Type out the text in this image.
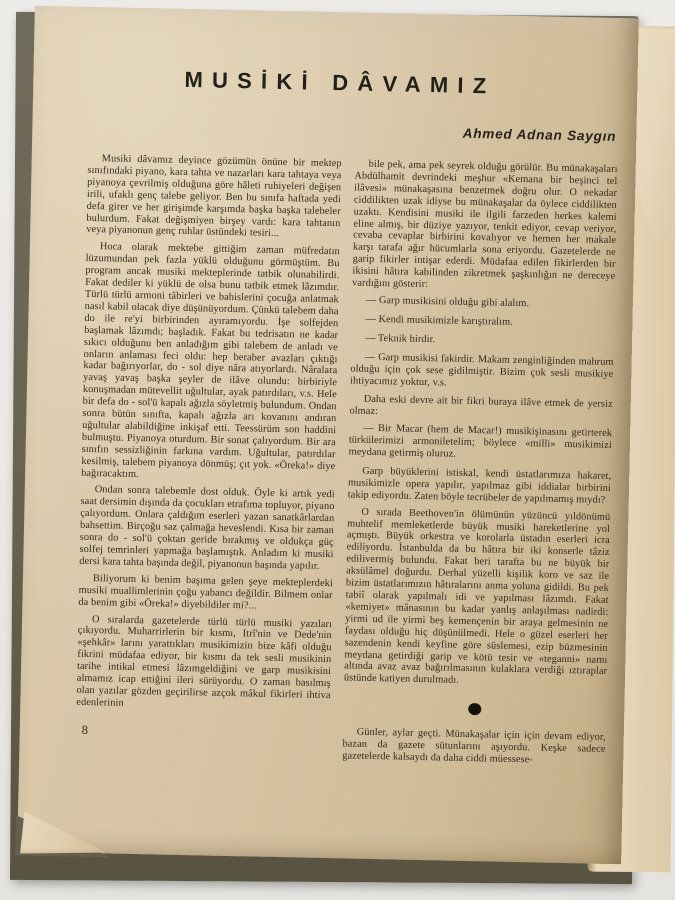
MUSİKİ DÂVAMIZ
Ahmed Adnan Saygın

Musiki dâvamız deyince gözümün önüne bir mektep sınıfındaki piyano, kara tahta ve nazarları kara tahtaya veya piyanoya çevrilmiş olduğuna göre hâleti ruhiyeleri değişen irili, ufaklı genç talebe geliyor. Ben bu sınıfa haftada yedi defa girer ve her girişimde karşımda başka başka talebeler bulurdum. Fakat değişmiyen birşey vardı: kara tahtanın veya piyanonun genç ruhlar üstündeki tesiri...

Hoca olarak mektebe gittiğim zaman müfredatın lüzumundan pek fazla yüklü olduğunu görmüştüm. Bu program ancak musiki mekteplerinde tatbik olunabilirdi. Fakat dediler ki yüklü de olsa bunu tatbik etmek lâzımdır. Türlü türlü armoni tâbirleri ve bahislerini çocuğa anlatmak nasıl kabil olacak diye düşünüyordum. Çünkü talebem daha do ile re'yi birbirinden ayıramıyordu. İşe solfejden başlamak lâzımdı; başladık. Fakat bu tedrisatın ne kadar sıkıcı olduğunu ben anladığım gibi talebem de anladı ve onların anlaması feci oldu: hep beraber avazları çıktığı kadar bağırıyorlar, do - sol diye nâra atıyorlardı. Nâralara yavaş yavaş başka şeyler de ilâve olundu: birbiriyle konuşmadan mütevellit uğultular, ayak patırdıları, v.s. Hele bir defa do - sol'ü kapalı ağızla söyletmiş bulundum. Ondan sonra bütün sınıfta, kapalı ağızla arı kovanını andıran uğultular alabildiğine inkişaf etti. Teessürüm son haddini bulmuştu. Piyanoya oturdum. Bir sonat çalıyordum. Bir ara sınıfın sessizliğinin farkına vardım. Uğultular, patırdılar kesilmiş, talebem piyanoya dönmüş; çıt yok. «Öreka!» diye bağıracaktım.

Ondan sonra talebemle dost olduk. Öyle ki artık yedi saat dersimin dışında da çocukları etrafıma topluyor, piyano çalıyordum. Onlara çaldığım eserleri yazan sanatkârlardan bahsettim. Birçoğu saz çalmağa heveslendi. Kısa bir zaman sonra do - sol'ü çoktan geride bırakmış ve oldukça güç solfej temrinleri yapmağa başlamıştık. Anladım ki musiki dersi kara tahta başında değil, piyanonun başında yapılır.

Biliyorum ki benim başıma gelen şeye mekteplerdeki musiki muallimlerinin çoğu yabancı değildir. Bilmem onlar da benim gibi «Öreka!» diyebildiler mi?...

O sıralarda gazetelerde türlü türlü musiki yazıları çıkıyordu. Muharrirlerin bir kısmı, Itrî'nin ve Dede'nin «şehkâr» larını yarattıkları musikimizin bize kâfi olduğu fikrini müdafaa ediyor, bir kısmı da tek sesli musikinin tarihe intikal etmesi lâzımgeldiğini ve garp musikisini almamız icap ettiğini ileri sürüyordu. O zaman basılmış olan yazılar gözden geçirilirse azçok mâkul fikirleri ihtiva edenlerinin

8

bile pek, ama pek seyrek olduğu görülür. Bu münakaşaları Abdülhamit devrindeki meşhur «Kemana bir beşinci tel ilâvesi» münakaşasına benzetmek doğru olur. O nekadar ciddilikten uzak idiyse bu münakaşalar da öylece ciddilikten uzaktı. Kendisini musiki ile ilgili farzeden herkes kalemi eline almış, bir düziye yazıyor, tenkit ediyor, cevap veriyor, cevaba cevaplar birbirini kovalıyor ve hemen her makale karşı tarafa ağır hücumlarla sona eriyordu. Gazetelerde ne garip fikirler intişar ederdi. Müdafaa edilen fikirlerden bir ikisini hâtıra kabilinden zikretmek şaşkınlığın ne dereceye vardığını gösterir:

— Garp musikisini olduğu gibi alalım.

— Kendi musikimizle karıştıralım.

— Teknik birdir.

— Garp musikisi fakirdir. Makam zenginliğinden mahrum olduğu için çok sese gidilmiştir. Bizim çok sesli musikiye ihtiyacımız yoktur, v.s.

Daha eski devre ait bir fikri buraya ilâve etmek de yersiz olmaz:

— Bir Macar (hem de Macar!) musikişinasını getirterek türkülerimizi armoniletelim; böylece «milli» musikimizi meydana getirmiş oluruz.

Garp büyüklerini istiskal, kendi üstatlarımıza hakaret, musikimizle opera yapılır, yapılmaz gibi iddialar birbirini takip ediyordu. Zaten böyle tecrübeler de yapılmamış mıydı?

O sırada Beethoven'in ölümünün yüzüncü yıldönümü muhtelif memleketlerde büyük musiki hareketlerine yol açmıştı. Büyük orkestra ve korolarla üstadın eserleri icra ediliyordu. İstanbulda da bu hâtıra bir iki konserle tâziz edilivermiş bulundu. Fakat beri tarafta bu ne büyük bir aksülâmel doğurdu. Derhal yüzelli kişilik koro ve saz ile bizim üstatlarımızın hâtıralarını anma yoluna gidildi. Bu pek tabiî olarak yapılmalı idi ve yapılması lâzımdı. Fakat «kemiyet» mânasının bu kadar yanlış anlaşılması nadirdi: yirmi ud ile yirmi beş kemençenin bir araya gelmesinin ne faydası olduğu hiç düşünülmedi. Hele o güzel eserleri her sazendenin kendi keyfine göre süslemesi, ezip büzmesinin meydana getirdiği garip ve kötü tesir ve «teganni» namı altında avaz avaz bağırılmasının kulaklara verdiği ıztıraplar üstünde katiyen durulmadı.

Günler, aylar geçti. Münakaşalar için için devam ediyor, bazan da gazete sütunlarını aşıyordu. Keşke sadece gazetelerde kalsaydı da daha ciddi müessese-
